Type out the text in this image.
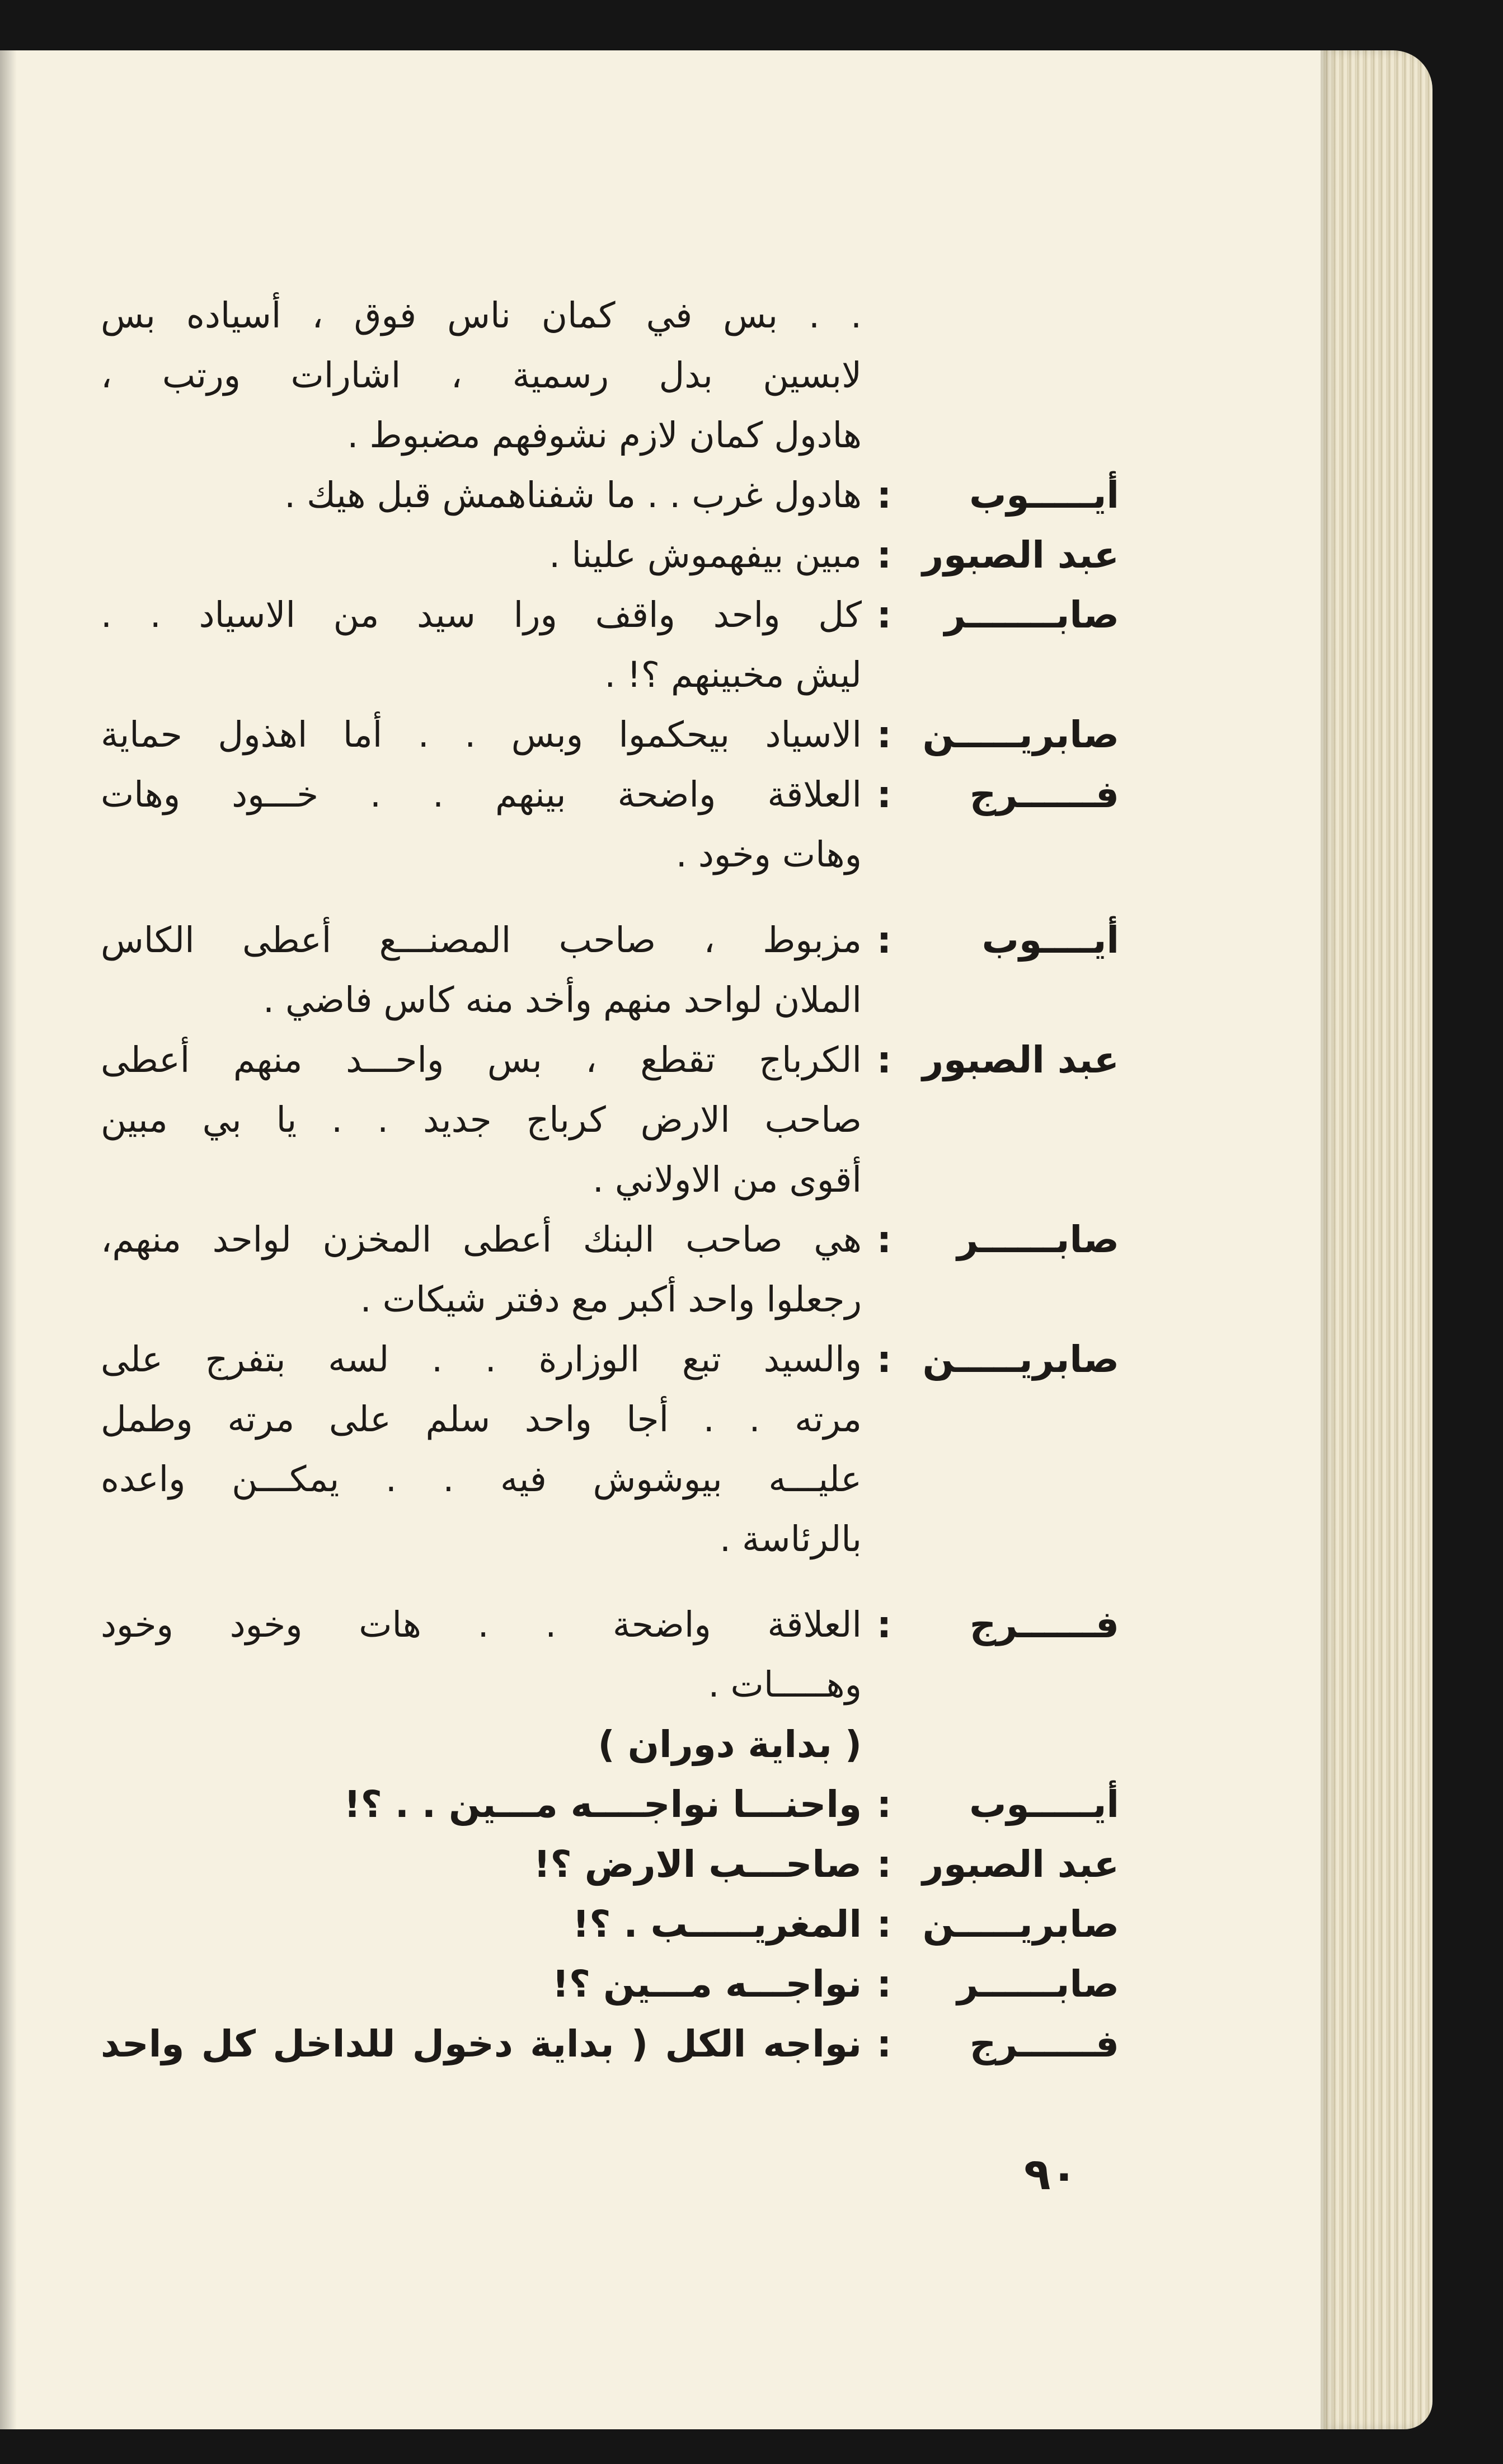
. . بس في كمان ناس فوق ، أسياده بس
لابسين بدل رسمية ، اشارات ورتب ،
هادول كمان لازم نشوفهم مضبوط .
أيـــــوب
:
هادول غرب . . ما شفناهمش قبل هيك .
عبد الصبور
:
مبين بيفهموش علينا .
صابـــــــر
:
كل واحد واقف ورا سيد من الاسياد . .
ليش مخبينهم ؟! .
صابريـــــن
:
الاسياد بيحكموا وبس . . أما اهذول حماية
فــــــرج
:
العلاقة واضحة بينهم . . خـــود وهات
وهات وخود .
أيــــوب
:
مزبوط ، صاحب المصنـــع أعطى الكاس
الملان لواحد منهم وأخد منه كاس فاضي .
عبد الصبور
:
الكرباج تقطع ، بس واحـــد منهم أعطى
صاحب الارض كرباج جديد . . يا بي مبين
أقوى من الاولاني .
صابــــــر
:
هي صاحب البنك أعطى المخزن لواحد منهم،
رجعلوا واحد أكبر مع دفتر شيكات .
صابريـــــن
:
والسيد تبع الوزارة . . لسه بتفرج على
مرته . . أجا واحد سلم على مرته وطمل
عليـــه بيوشوش فيه . . يمكـــن واعده
بالرئاسة .
فــــــرج
:
العلاقة واضحة . . هات وخود وخود
وهـــــات .
( بداية دوران )
أيـــــوب
:
واحنـــا نواجــــه مـــين . . ؟!
عبد الصبور
:
صاحـــب الارض ؟!
صابريـــــن
:
المغريـــــب . ؟!
صابــــــر
:
نواجـــه مـــين ؟!
فــــــرج
:
نواجه الكل ( بداية دخول للداخل كل واحد
٩٠
